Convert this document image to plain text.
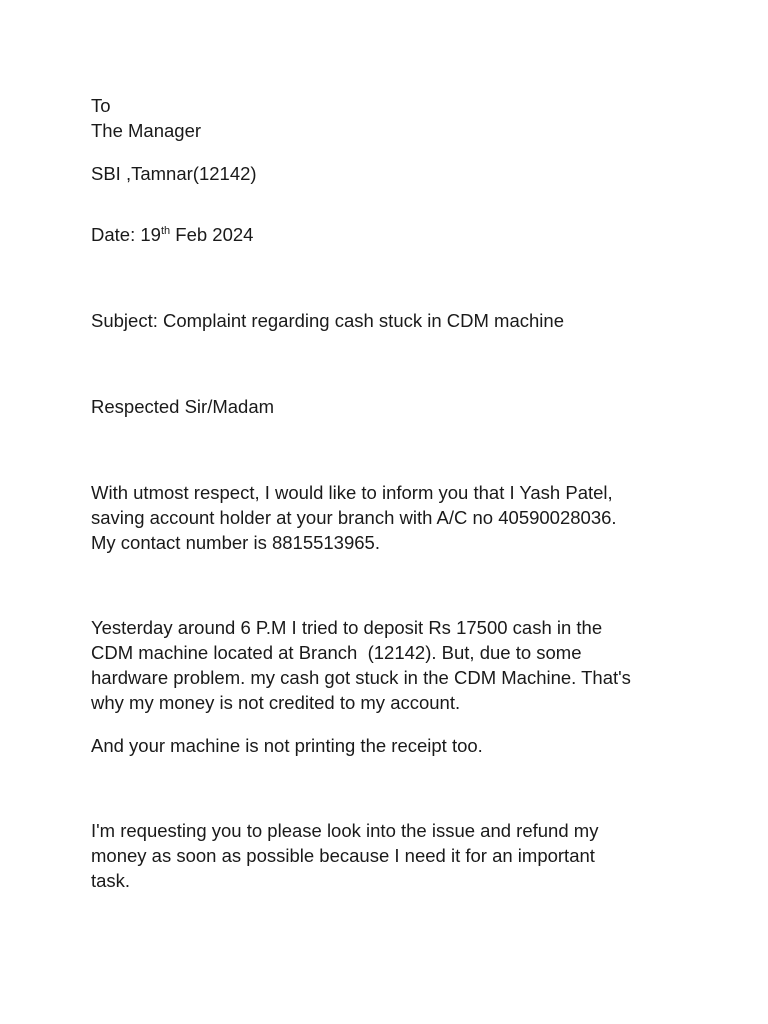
To

The Manager

SBI ,Tamnar(12142)

Date: 19th Feb 2024

Subject: Complaint regarding cash stuck in CDM machine

Respected Sir/Madam

With utmost respect, I would like to inform you that I Yash Patel,
saving account holder at your branch with A/C no 40590028036.
My contact number is 8815513965.
Yesterday around 6 P.M I tried to deposit Rs 17500 cash in the
CDM machine located at Branch  (12142). But, due to some
hardware problem. my cash got stuck in the CDM Machine. That's
why my money is not credited to my account.

And your machine is not printing the receipt too.

I'm requesting you to please look into the issue and refund my
money as soon as possible because I need it for an important
task.
